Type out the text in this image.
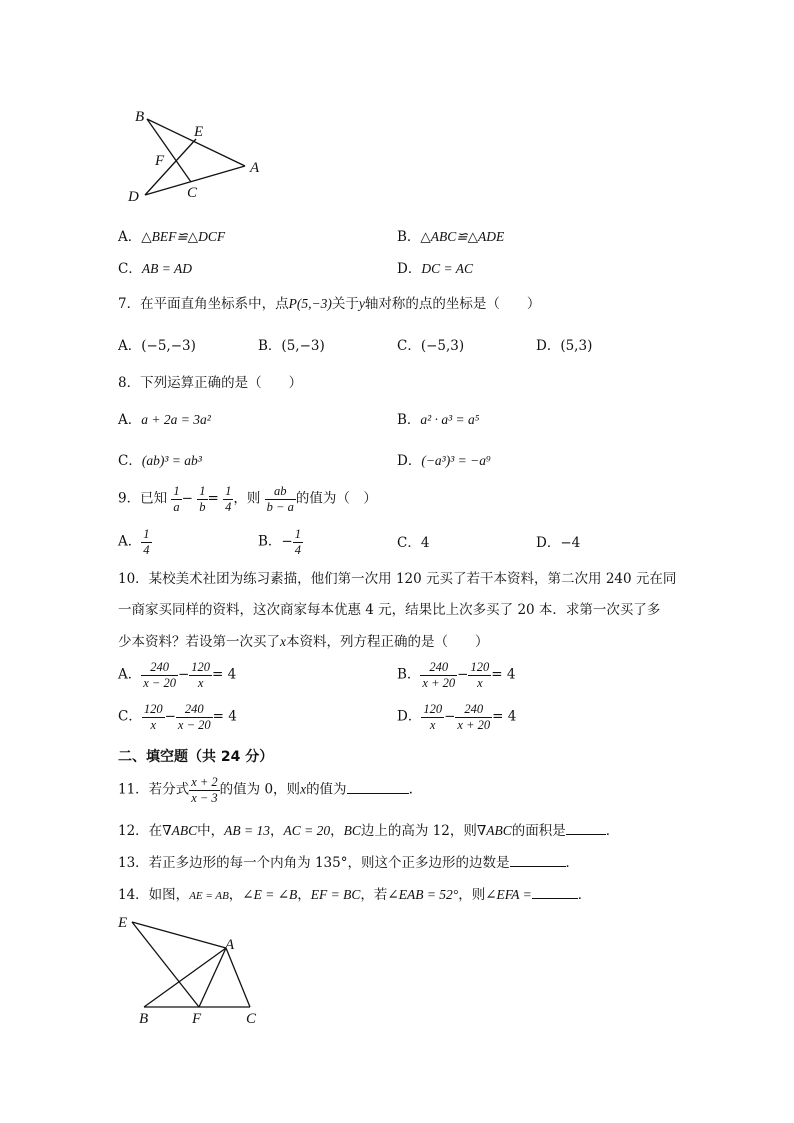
B
E
F	A
D	C
A．△BEF≌△DCF	B．△ABC≌△ADE
C．AB = AD	D．DC = AC
7．在平面直角坐标系中，点P(5,−3)关于y轴对称的点的坐标是（　　）
A．(−5,−3)	B．(5,−3)	C．(−5,3)	D．(5,3)
8．下列运算正确的是（　　）
A．a + 2a = 3a²	B．a² · a³ = a⁵
C．(ab)³ = ab³	D．(−a³)³ = −a⁹
9．已知 $\frac{1}{a} - \frac{1}{b} = \frac{1}{4}$ ，则 $\frac{ab}{b - a}$ 的值为（　）
A． $\frac{1}{4}$	B．− $\frac{1}{4}$	C．4	D．−4
10．某校美术社团为练习素描，他们第一次用 120 元买了若干本资料，第二次用 240 元在同
一商家买同样的资料，这次商家每本优惠 4 元，结果比上次多买了 20 本．求第一次买了多
少本资料？若设第一次买了x本资料，列方程正确的是（　　）
A． $\frac{240}{x - 20} - \frac{120}{x} = 4$	B． $\frac{240}{x + 20} - \frac{120}{x} = 4$
C． $\frac{120}{x} - \frac{240}{x - 20} = 4$	D． $\frac{120}{x} - \frac{240}{x + 20} = 4$
二、填空题（共 24 分）
11．若分式 $\frac{x + 2}{x - 3}$ 的值为 0，则x的值为	.
12．在∇ABC中，AB = 13，AC = 20，BC边上的高为 12，则∇ABC的面积是	．
13．若正多边形的每一个内角为 135°，则这个正多边形的边数是	．
14．如图，AE = AB，∠E = ∠B，EF = BC，若∠EAB = 52°，则∠EFA =	．
E
A
B	F	C
